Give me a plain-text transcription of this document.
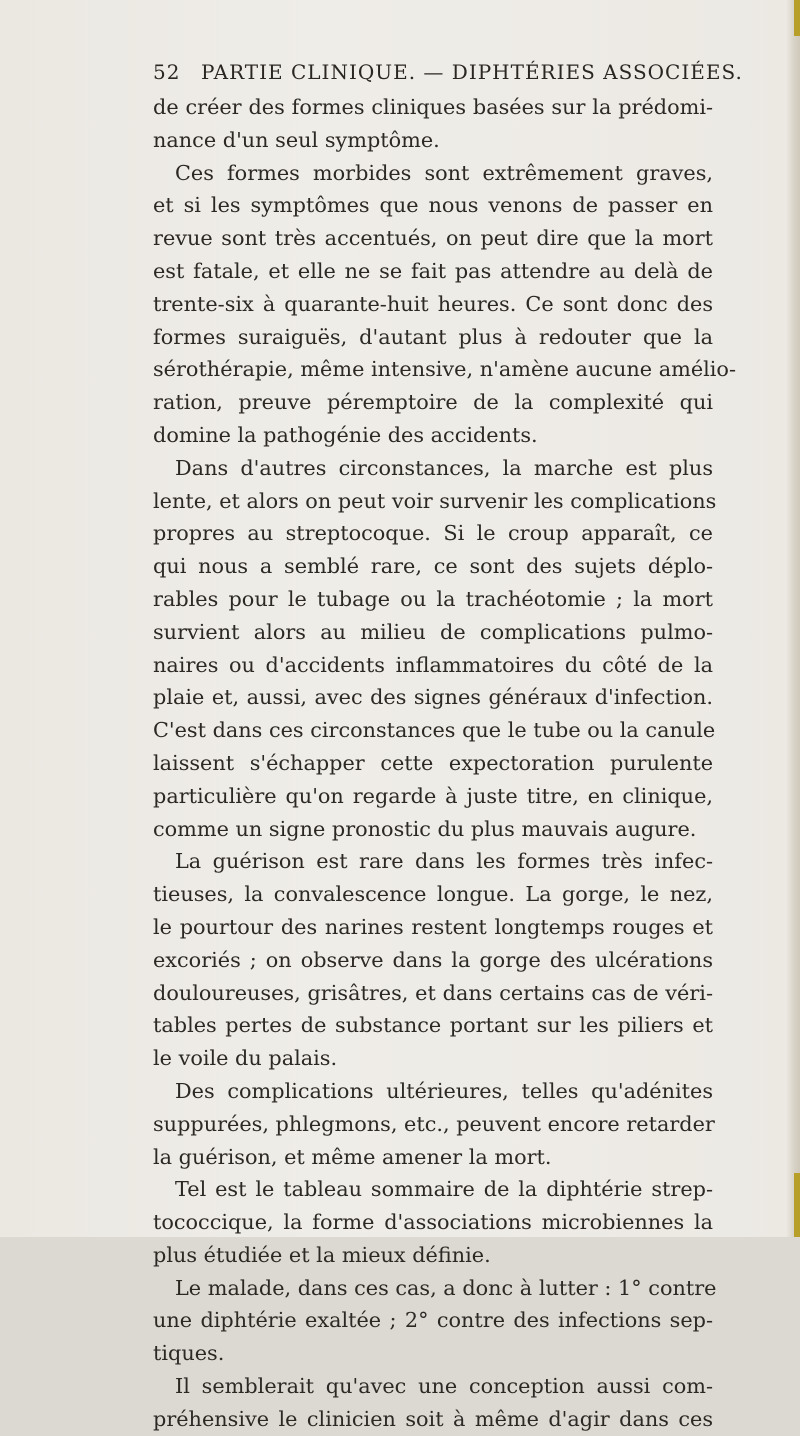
52 PARTIE CLINIQUE. — DIPHTÉRIES ASSOCIÉES.
de créer des formes cliniques basées sur la prédomi-
nance d'un seul symptôme.
Ces formes morbides sont extrêmement graves,
et si les symptômes que nous venons de passer en
revue sont très accentués, on peut dire que la mort
est fatale, et elle ne se fait pas attendre au delà de
trente-six à quarante-huit heures. Ce sont donc des
formes suraiguës, d'autant plus à redouter que la
sérothérapie, même intensive, n'amène aucune amélio-
ration, preuve péremptoire de la complexité qui
domine la pathogénie des accidents.
Dans d'autres circonstances, la marche est plus
lente, et alors on peut voir survenir les complications
propres au streptocoque. Si le croup apparaît, ce
qui nous a semblé rare, ce sont des sujets déplo-
rables pour le tubage ou la trachéotomie ; la mort
survient alors au milieu de complications pulmo-
naires ou d'accidents inflammatoires du côté de la
plaie et, aussi, avec des signes généraux d'infection.
C'est dans ces circonstances que le tube ou la canule
laissent s'échapper cette expectoration purulente
particulière qu'on regarde à juste titre, en clinique,
comme un signe pronostic du plus mauvais augure.
La guérison est rare dans les formes très infec-
tieuses, la convalescence longue. La gorge, le nez,
le pourtour des narines restent longtemps rouges et
excoriés ; on observe dans la gorge des ulcérations
douloureuses, grisâtres, et dans certains cas de véri-
tables pertes de substance portant sur les piliers et
le voile du palais.
Des complications ultérieures, telles qu'adénites
suppurées, phlegmons, etc., peuvent encore retarder
la guérison, et même amener la mort.
Tel est le tableau sommaire de la diphtérie strep-
tococcique, la forme d'associations microbiennes la
plus étudiée et la mieux définie.
Le malade, dans ces cas, a donc à lutter : 1° contre
une diphtérie exaltée ; 2° contre des infections sep-
tiques.
Il semblerait qu'avec une conception aussi com-
préhensive le clinicien soit à même d'agir dans ces
